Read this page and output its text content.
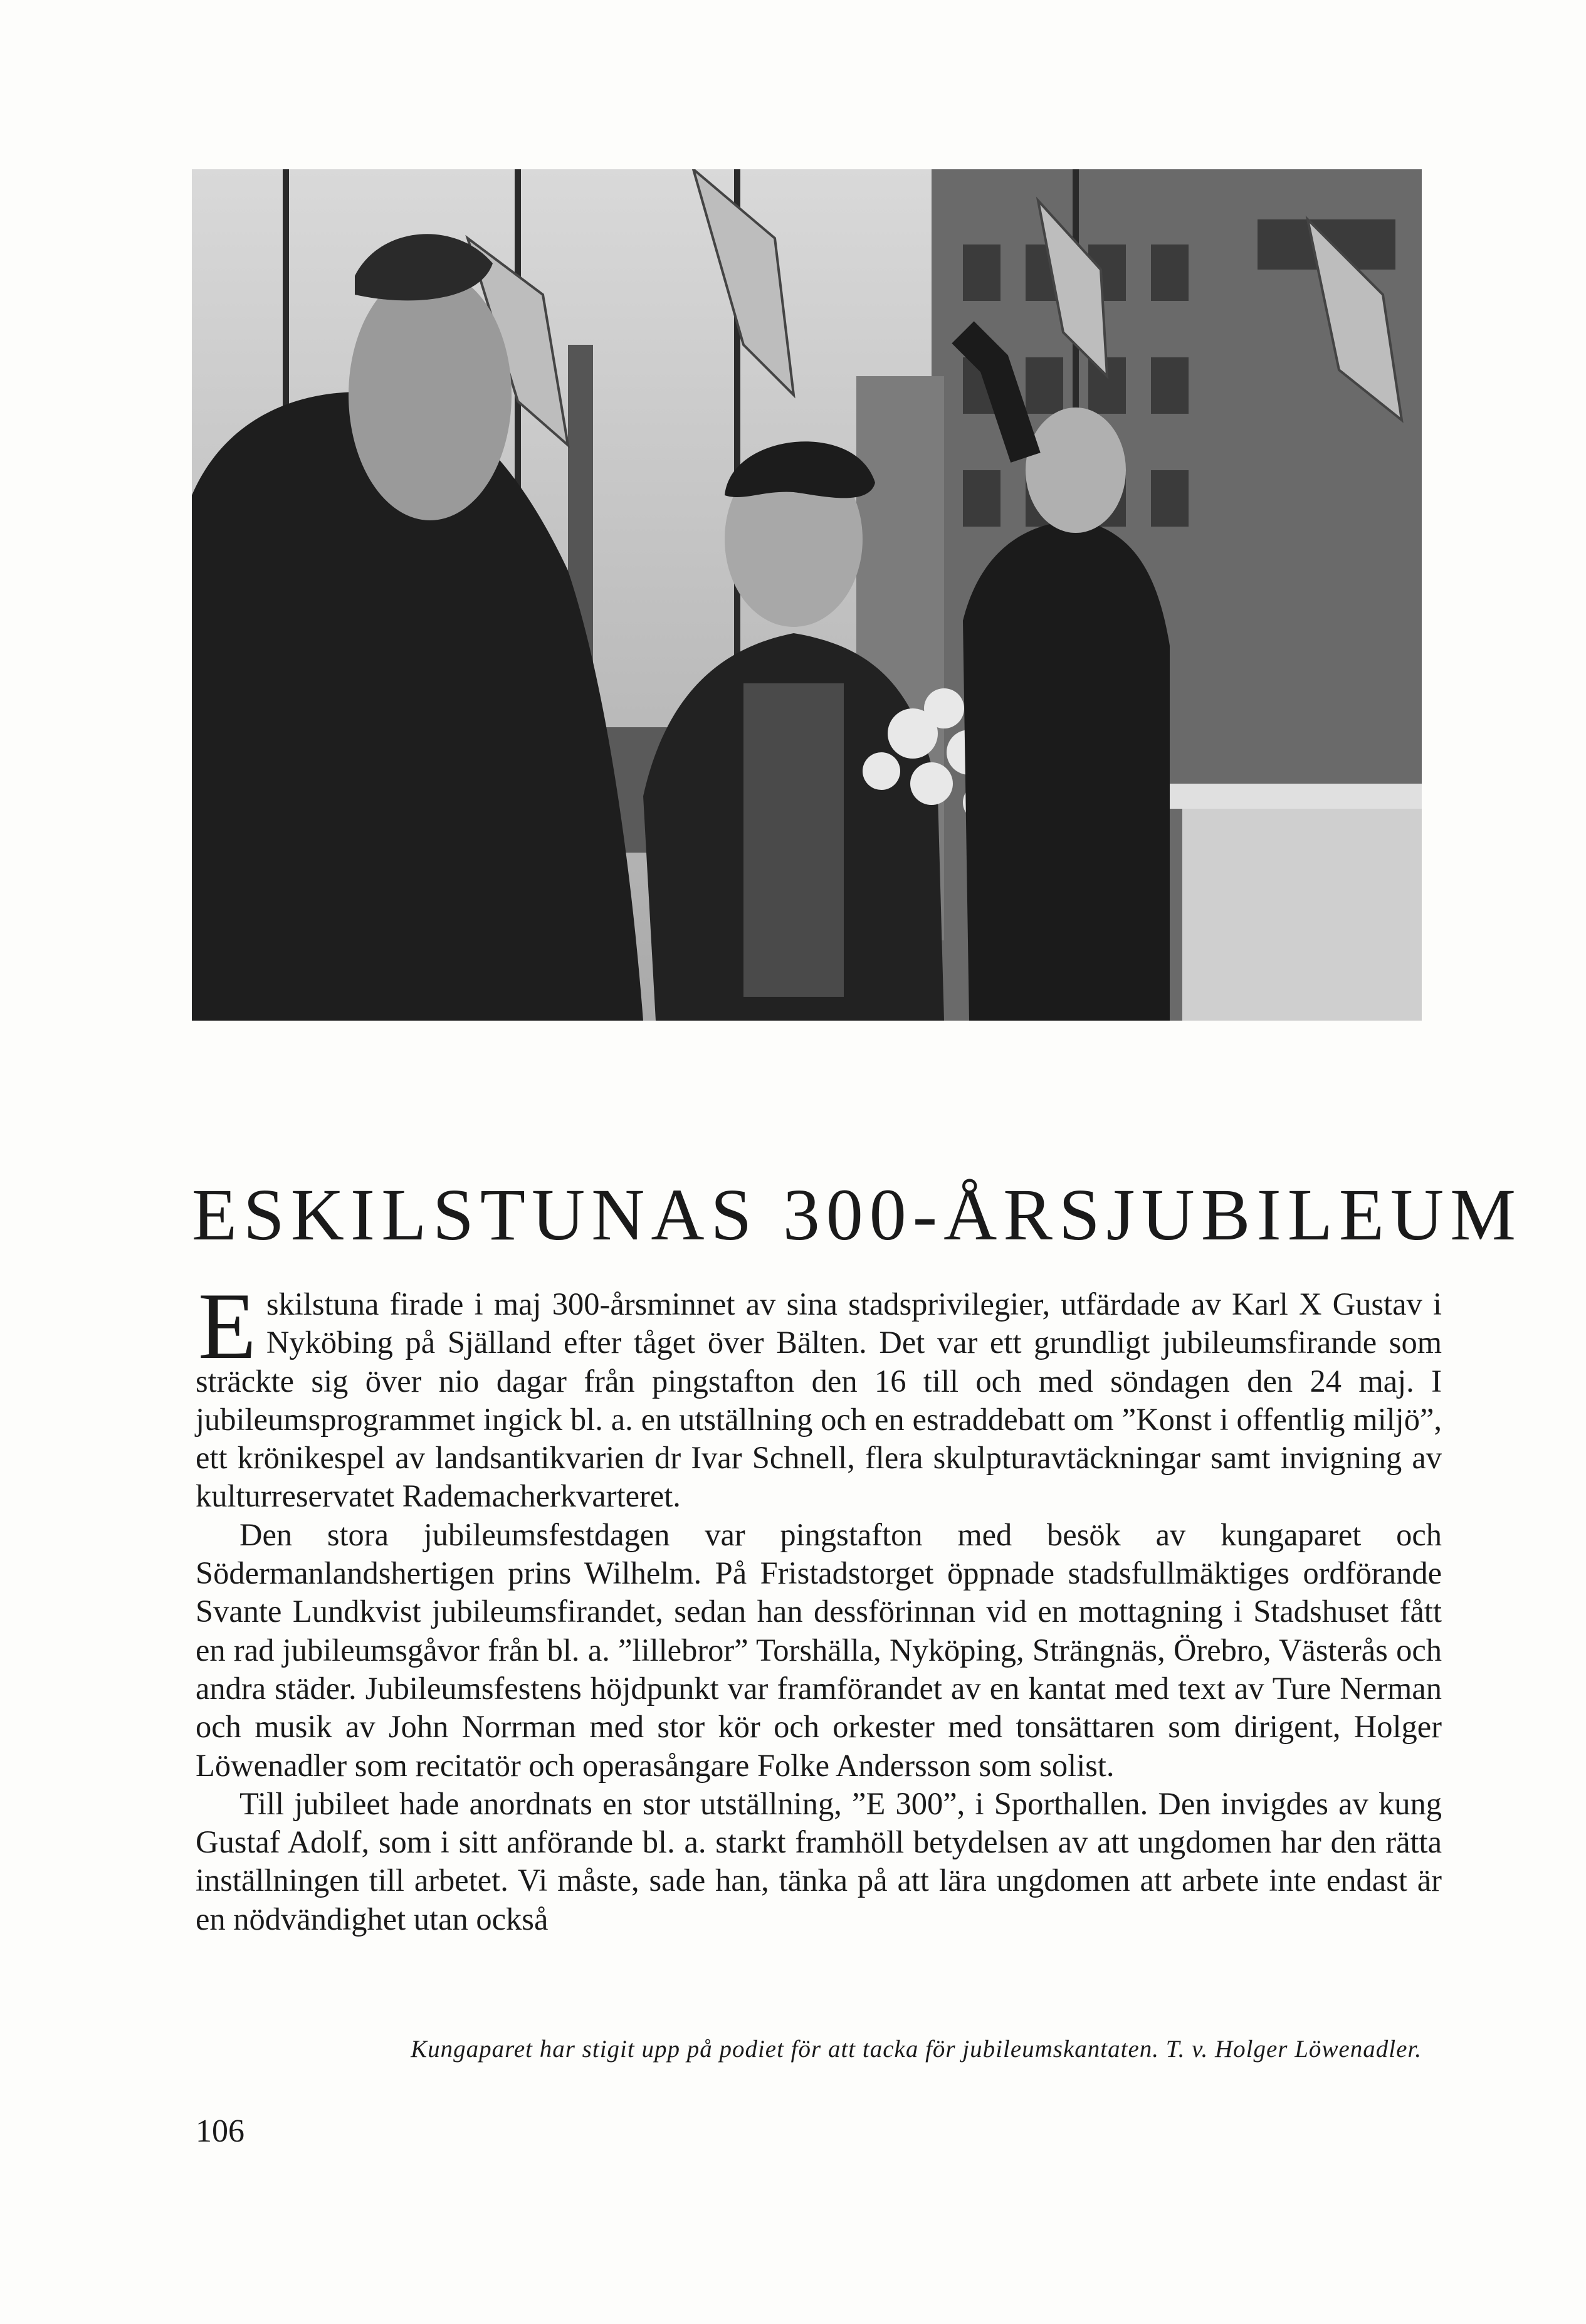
ESKILSTUNAS 300-ÅRSJUBILEUM

Eskilstuna firade i maj 300-årsminnet av sina stadsprivilegier, utfärdade av Karl X Gustav i Nyköbing på Själland efter tåget över Bälten. Det var ett grundligt jubileumsfirande som sträckte sig över nio dagar från pingstafton den 16 till och med söndagen den 24 maj. I jubileumsprogrammet ingick bl. a. en utställning och en estraddebatt om ”Konst i offentlig miljö”, ett krönikespel av landsantikvarien dr Ivar Schnell, flera skulpturavtäckningar samt invigning av kulturreservatet Rademacherkvarteret.

Den stora jubileumsfestdagen var pingstafton med besök av kungaparet och Södermanlandshertigen prins Wilhelm. På Fristadstorget öppnade stadsfullmäktiges ordförande Svante Lundkvist jubileumsfirandet, sedan han dessförinnan vid en mottagning i Stadshuset fått en rad jubileumsgåvor från bl. a. ”lillebror” Torshälla, Nyköping, Strängnäs, Örebro, Västerås och andra städer. Jubileumsfestens höjdpunkt var framförandet av en kantat med text av Ture Nerman och musik av John Norrman med stor kör och orkester med tonsättaren som dirigent, Holger Löwenadler som recitatör och operasångare Folke Andersson som solist.

Till jubileet hade anordnats en stor utställning, ”E 300”, i Sporthallen. Den invigdes av kung Gustaf Adolf, som i sitt anförande bl. a. starkt framhöll betydelsen av att ungdomen har den rätta inställningen till arbetet. Vi måste, sade han, tänka på att lära ungdomen att arbete inte endast är en nödvändighet utan också

Kungaparet har stigit upp på podiet för att tacka för jubileumskantaten. T. v. Holger Löwenadler.
106
